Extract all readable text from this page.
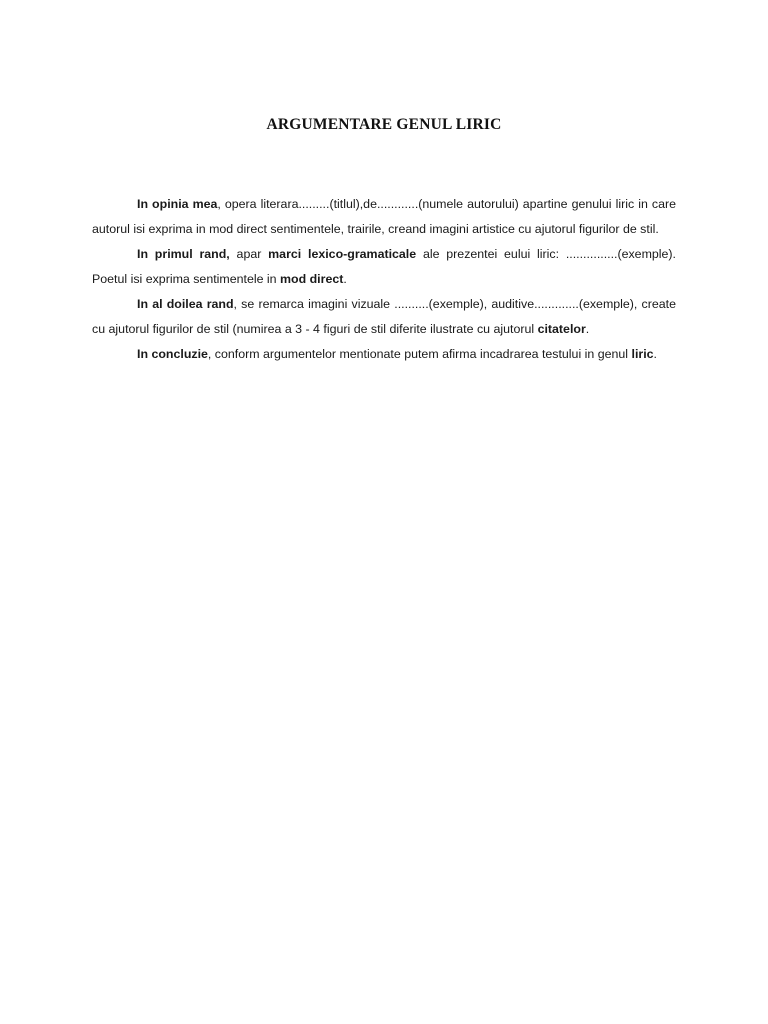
ARGUMENTARE GENUL LIRIC

In opinia mea, opera literara.........(titlul),de............(numele autorului) apartine genului liric in care autorul isi exprima in mod direct sentimentele, trairile, creand imagini artistice cu ajutorul figurilor de stil.

In primul rand, apar marci lexico-gramaticale ale prezentei eului liric: ...............(exemple). Poetul isi exprima sentimentele in mod direct.

In al doilea rand, se remarca imagini vizuale ..........(exemple), auditive.............(exemple), create cu ajutorul figurilor de stil (numirea a 3 - 4 figuri de stil diferite ilustrate cu ajutorul citatelor.

In concluzie, conform argumentelor mentionate putem afirma incadrarea testului in genul liric.
